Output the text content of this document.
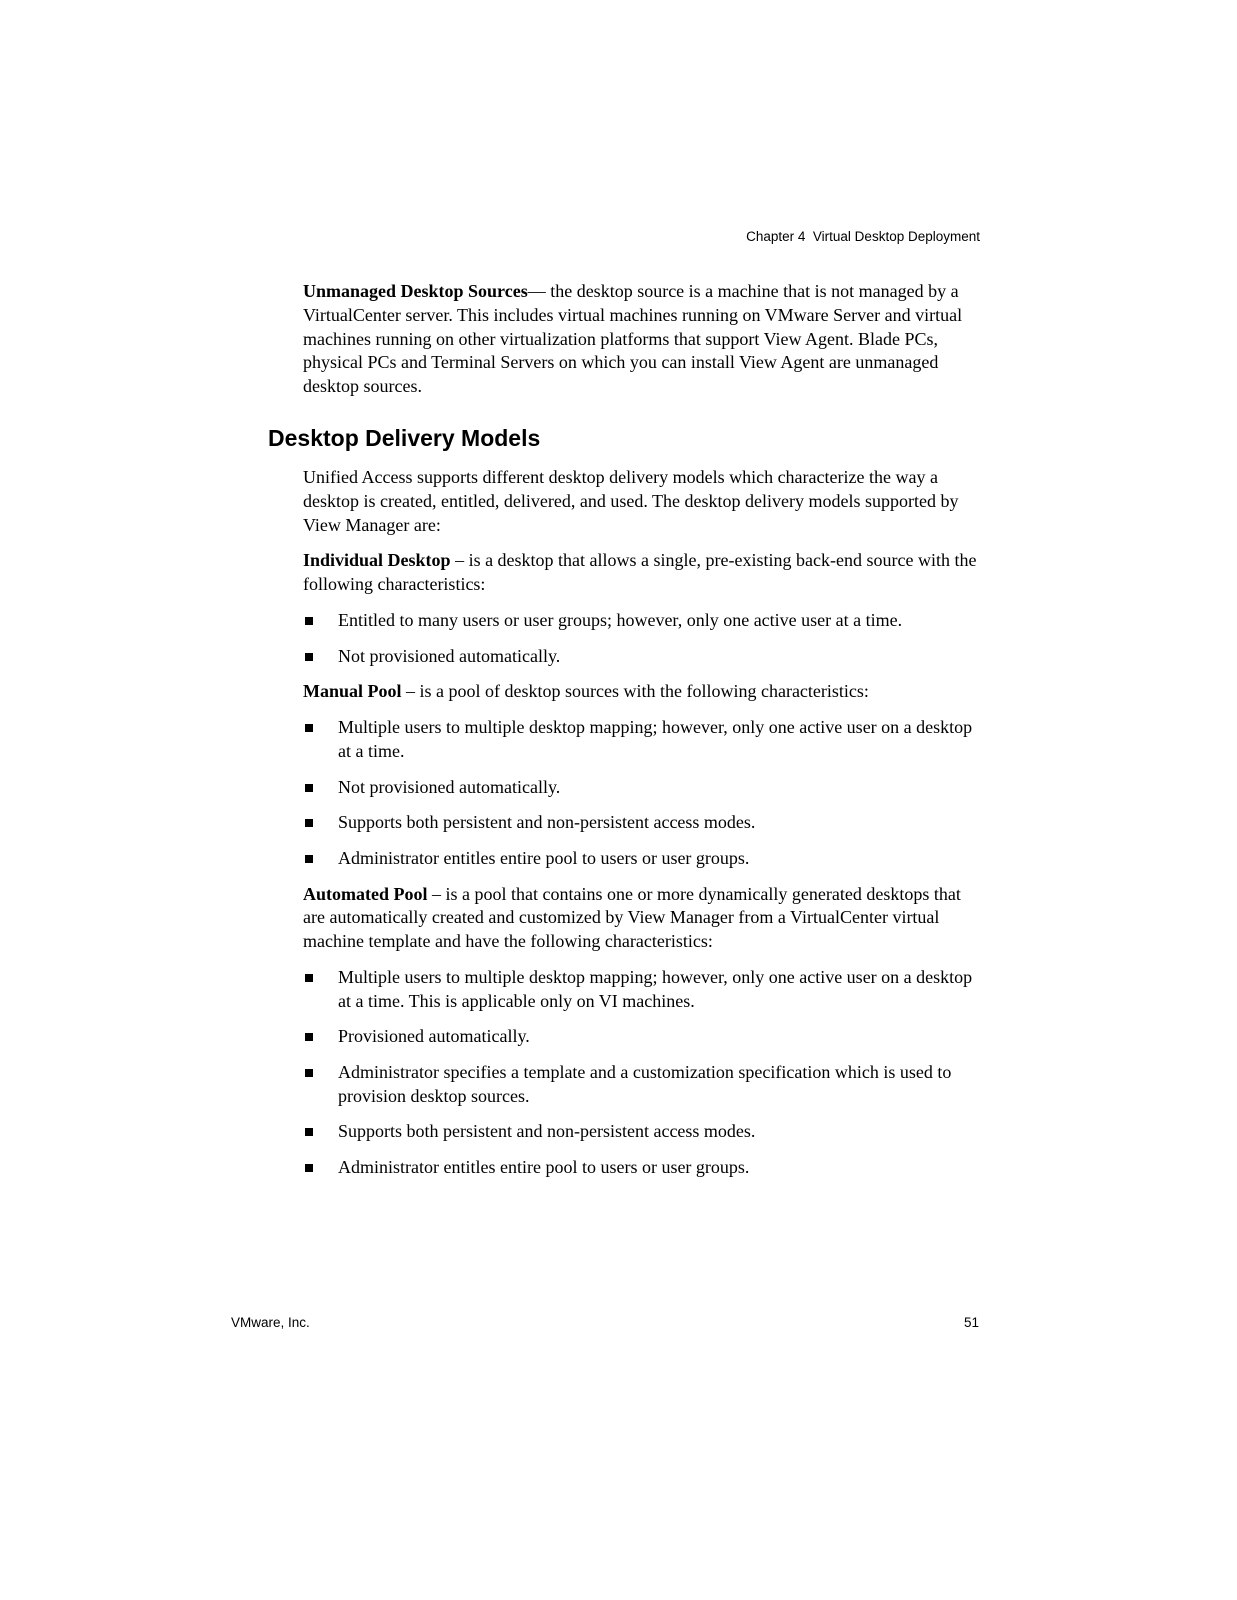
Chapter 4  Virtual Desktop Deployment

Unmanaged Desktop Sources— the desktop source is a machine that is not managed by a VirtualCenter server. This includes virtual machines running on VMware Server and virtual machines running on other virtualization platforms that support View Agent. Blade PCs, physical PCs and Terminal Servers on which you can install View Agent are unmanaged desktop sources.

Desktop Delivery Models

Unified Access supports different desktop delivery models which characterize the way a desktop is created, entitled, delivered, and used. The desktop delivery models supported by View Manager are:

Individual Desktop – is a desktop that allows a single, pre-existing back-end source with the following characteristics:

Entitled to many users or user groups; however, only one active user at a time.
Not provisioned automatically.

Manual Pool – is a pool of desktop sources with the following characteristics:

Multiple users to multiple desktop mapping; however, only one active user on a desktop at a time.
Not provisioned automatically.
Supports both persistent and non-persistent access modes.
Administrator entitles entire pool to users or user groups.

Automated Pool – is a pool that contains one or more dynamically generated desktops that are automatically created and customized by View Manager from a VirtualCenter virtual machine template and have the following characteristics:

Multiple users to multiple desktop mapping; however, only one active user on a desktop at a time. This is applicable only on VI machines.
Provisioned automatically.
Administrator specifies a template and a customization specification which is used to provision desktop sources.
Supports both persistent and non-persistent access modes.
Administrator entitles entire pool to users or user groups.
VMware, Inc.	51
